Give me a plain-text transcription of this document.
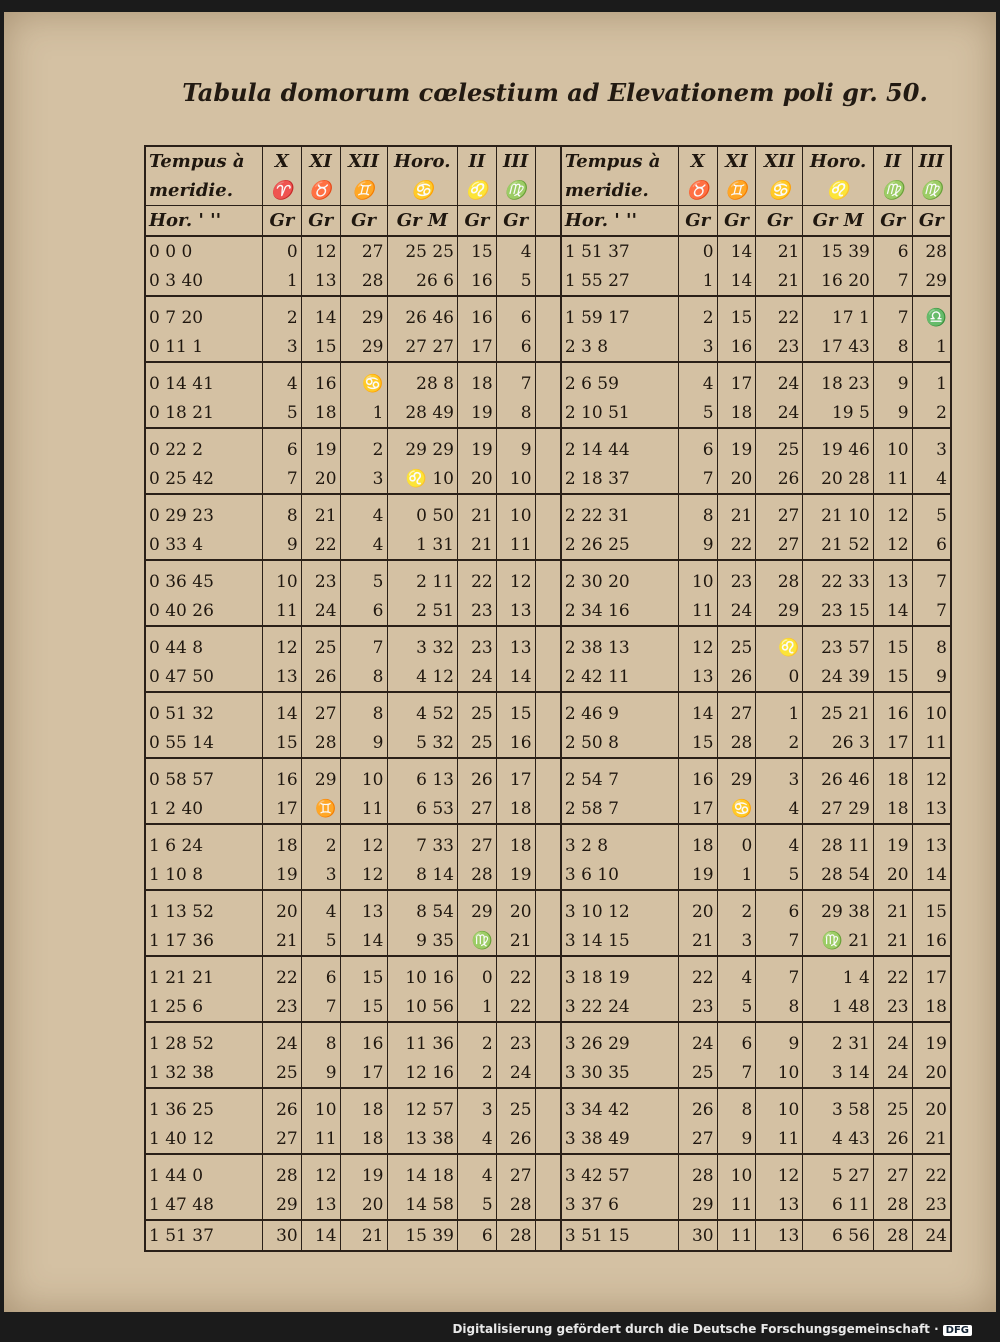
Tabula domorum cœlestium ad Elevationem poli gr. 50.
Tempus à	X	XI	XII	Horo.	II	III		Tempus à	X	XI	XII	Horo.	II	III
meridie.	♈	♉	♊	♋	♌	♍		meridie.	♉	♊	♋	♌	♍	♍
Hor. ' ''	Gr	Gr	Gr	Gr M	Gr	Gr		Hor. ' ''	Gr	Gr	Gr	Gr M	Gr	Gr
0 0 0	0	12	27	25 25	15	4		1 51 37	0	14	21	15 39	6	28
0 3 40	1	13	28	26 6	16	5		1 55 27	1	14	21	16 20	7	29
0 7 20	2	14	29	26 46	16	6		1 59 17	2	15	22	17 1	7	♎
0 11 1	3	15	29	27 27	17	6		2 3 8	3	16	23	17 43	8	1
0 14 41	4	16	♋	28 8	18	7		2 6 59	4	17	24	18 23	9	1
0 18 21	5	18	1	28 49	19	8		2 10 51	5	18	24	19 5	9	2
0 22 2	6	19	2	29 29	19	9		2 14 44	6	19	25	19 46	10	3
0 25 42	7	20	3	♌ 10	20	10		2 18 37	7	20	26	20 28	11	4
0 29 23	8	21	4	0 50	21	10		2 22 31	8	21	27	21 10	12	5
0 33 4	9	22	4	1 31	21	11		2 26 25	9	22	27	21 52	12	6
0 36 45	10	23	5	2 11	22	12		2 30 20	10	23	28	22 33	13	7
0 40 26	11	24	6	2 51	23	13		2 34 16	11	24	29	23 15	14	7
0 44 8	12	25	7	3 32	23	13		2 38 13	12	25	♌	23 57	15	8
0 47 50	13	26	8	4 12	24	14		2 42 11	13	26	0	24 39	15	9
0 51 32	14	27	8	4 52	25	15		2 46 9	14	27	1	25 21	16	10
0 55 14	15	28	9	5 32	25	16		2 50 8	15	28	2	26 3	17	11
0 58 57	16	29	10	6 13	26	17		2 54 7	16	29	3	26 46	18	12
1 2 40	17	♊	11	6 53	27	18		2 58 7	17	♋	4	27 29	18	13
1 6 24	18	2	12	7 33	27	18		3 2 8	18	0	4	28 11	19	13
1 10 8	19	3	12	8 14	28	19		3 6 10	19	1	5	28 54	20	14
1 13 52	20	4	13	8 54	29	20		3 10 12	20	2	6	29 38	21	15
1 17 36	21	5	14	9 35	♍	21		3 14 15	21	3	7	♍ 21	21	16
1 21 21	22	6	15	10 16	0	22		3 18 19	22	4	7	1 4	22	17
1 25 6	23	7	15	10 56	1	22		3 22 24	23	5	8	1 48	23	18
1 28 52	24	8	16	11 36	2	23		3 26 29	24	6	9	2 31	24	19
1 32 38	25	9	17	12 16	2	24		3 30 35	25	7	10	3 14	24	20
1 36 25	26	10	18	12 57	3	25		3 34 42	26	8	10	3 58	25	20
1 40 12	27	11	18	13 38	4	26		3 38 49	27	9	11	4 43	26	21
1 44 0	28	12	19	14 18	4	27		3 42 57	28	10	12	5 27	27	22
1 47 48	29	13	20	14 58	5	28		3 37 6	29	11	13	6 11	28	23
1 51 37	30	14	21	15 39	6	28		3 51 15	30	11	13	6 56	28	24
Digitalisierung gefördert durch die Deutsche Forschungsgemeinschaft · DFG
